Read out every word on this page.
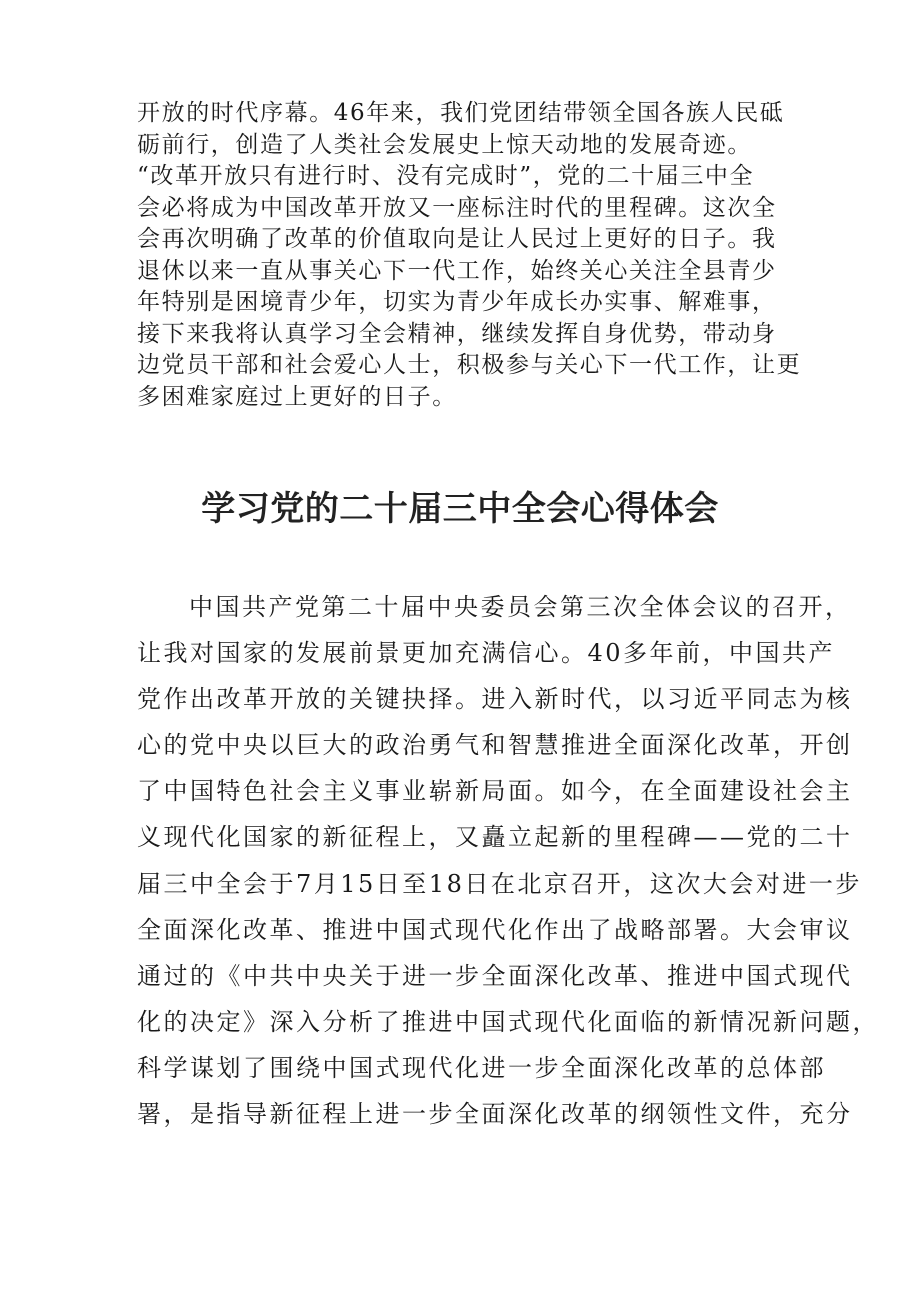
开放的时代序幕。46年来，我们党团结带领全国各族人民砥
砺前行，创造了人类社会发展史上惊天动地的发展奇迹。
“改革开放只有进行时、没有完成时”，党的二十届三中全
会必将成为中国改革开放又一座标注时代的里程碑。这次全
会再次明确了改革的价值取向是让人民过上更好的日子。我
退休以来一直从事关心下一代工作，始终关心关注全县青少
年特别是困境青少年，切实为青少年成长办实事、解难事，
接下来我将认真学习全会精神，继续发挥自身优势，带动身
边党员干部和社会爱心人士，积极参与关心下一代工作，让更
多困难家庭过上更好的日子。
学习党的二十届三中全会心得体会
中国共产党第二十届中央委员会第三次全体会议的召开，
让我对国家的发展前景更加充满信心。40多年前，中国共产
党作出改革开放的关键抉择。进入新时代，以习近平同志为核
心的党中央以巨大的政治勇气和智慧推进全面深化改革，开创
了中国特色社会主义事业崭新局面。如今，在全面建设社会主
义现代化国家的新征程上，又矗立起新的里程碑——党的二十
届三中全会于7月15日至18日在北京召开，这次大会对进一步
全面深化改革、推进中国式现代化作出了战略部署。大会审议
通过的《中共中央关于进一步全面深化改革、推进中国式现代
化的决定》深入分析了推进中国式现代化面临的新情况新问题，
科学谋划了围绕中国式现代化进一步全面深化改革的总体部
署，是指导新征程上进一步全面深化改革的纲领性文件，充分
